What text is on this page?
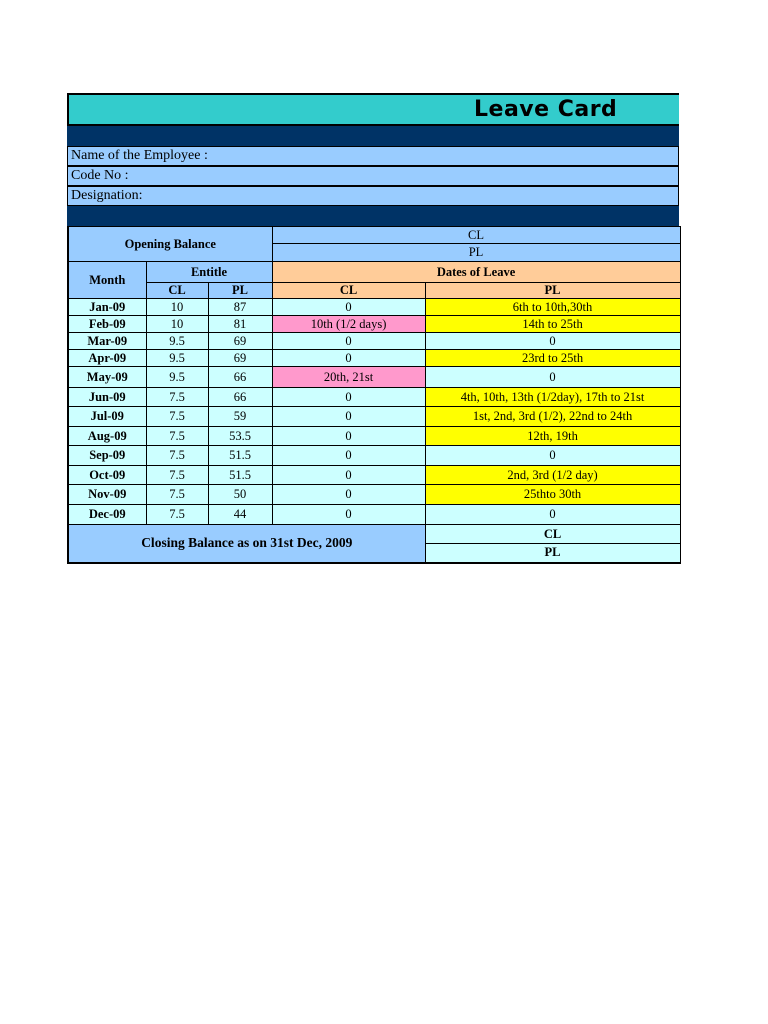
Leave Card
Name of the Employee :
Code No :
Designation:
Opening Balance			CL	
			PL	
Month	Entitle		Dates of Leave	
	CL	PL	CL	PL
Jan-09	10	87	0	6th to 10th,30th
Feb-09	10	81	10th (1/2 days)	14th to 25th
Mar-09	9.5	69	0	0
Apr-09	9.5	69	0	23rd to 25th
May-09	9.5	66	20th, 21st	0
Jun-09	7.5	66	0	4th, 10th, 13th (1/2day), 17th to 21st
Jul-09	7.5	59	0	1st, 2nd, 3rd (1/2), 22nd to 24th
Aug-09	7.5	53.5	0	12th, 19th
Sep-09	7.5	51.5	0	0
Oct-09	7.5	51.5	0	2nd, 3rd (1/2 day)
Nov-09	7.5	50	0	25thto 30th
Dec-09	7.5	44	0	0
Closing Balance as on 31st Dec, 2009				CL
				PL
